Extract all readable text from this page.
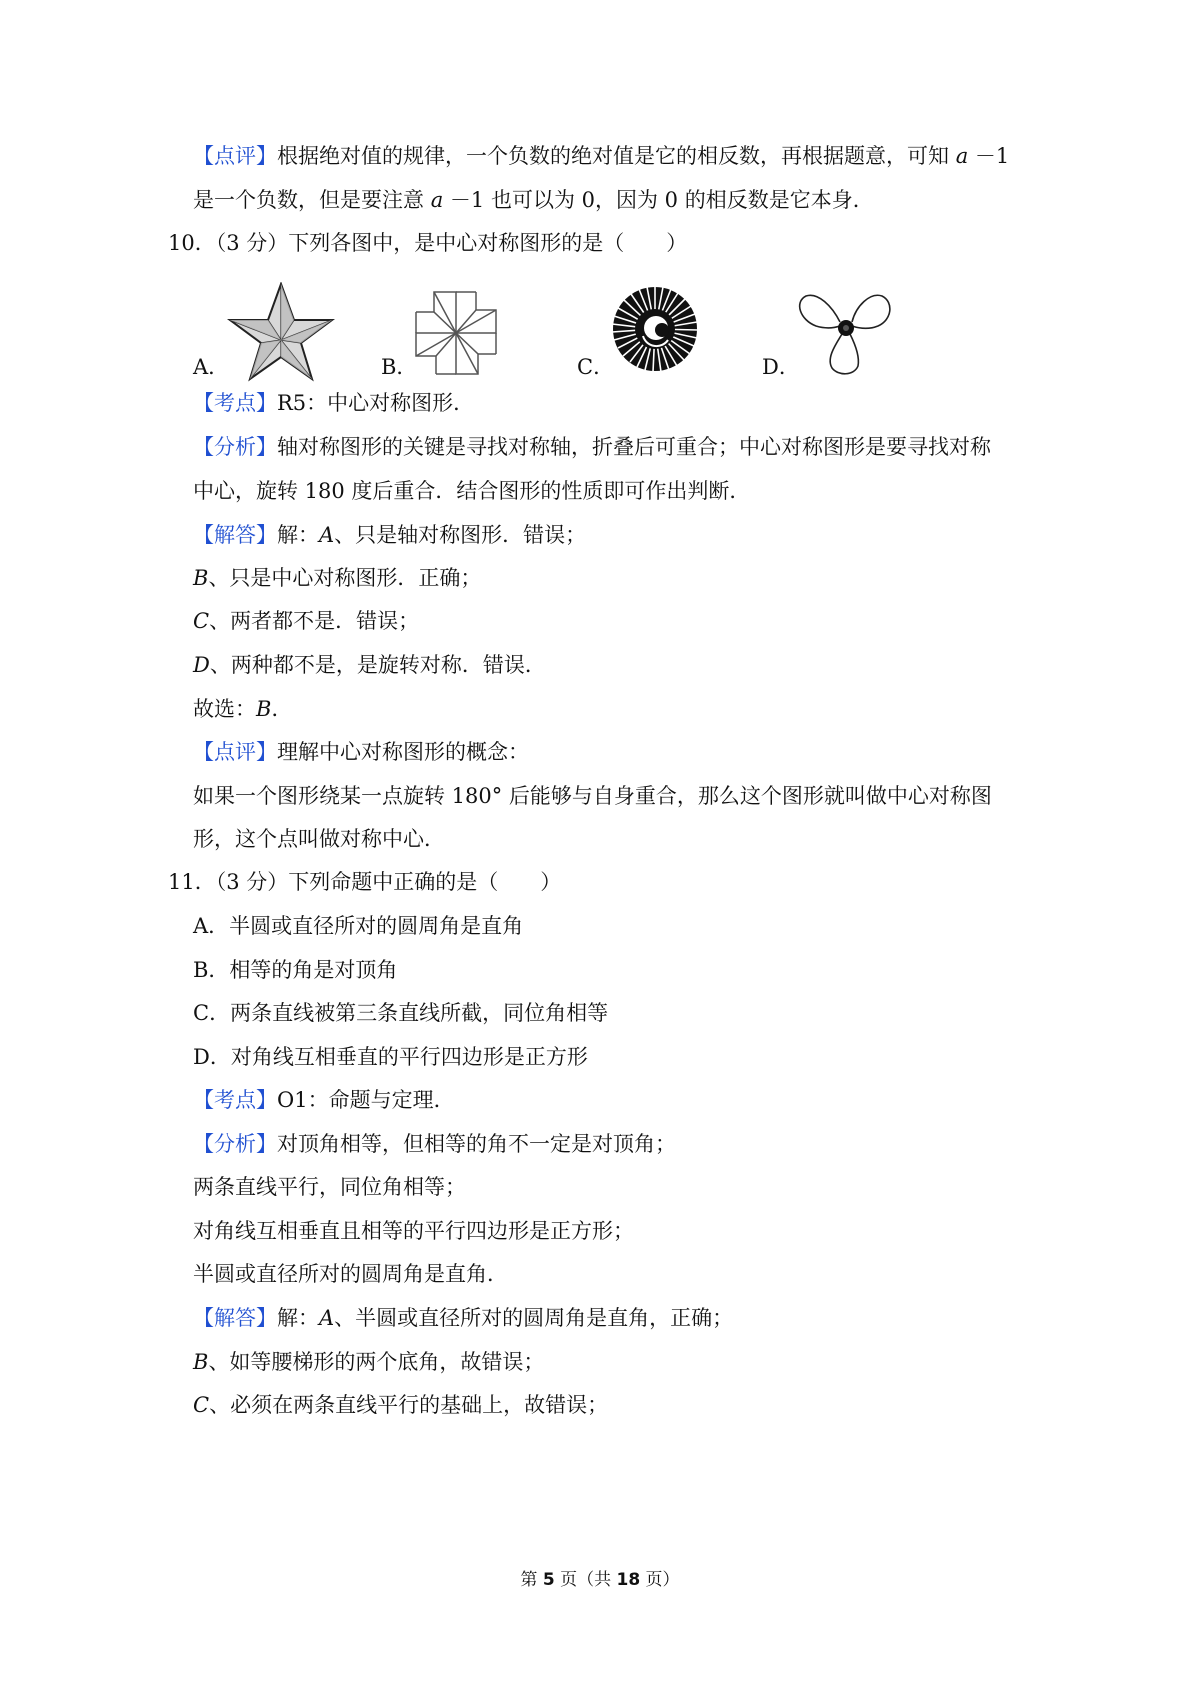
【点评】根据绝对值的规律，一个负数的绝对值是它的相反数，再根据题意，可知 a －1
是一个负数，但是要注意 a －1 也可以为 0，因为 0 的相反数是它本身．
10．（3 分）下列各图中，是中心对称图形的是（　　）
A．	B．	C．	D．
【考点】R5：中心对称图形．
【分析】轴对称图形的关键是寻找对称轴，折叠后可重合；中心对称图形是要寻找对称
中心，旋转 180 度后重合．结合图形的性质即可作出判断．
【解答】解：A、只是轴对称图形．错误；
B、只是中心对称图形．正确；
C、两者都不是．错误；
D、两种都不是，是旋转对称．错误．
故选：B．
【点评】理解中心对称图形的概念：
如果一个图形绕某一点旋转 180° 后能够与自身重合，那么这个图形就叫做中心对称图
形，这个点叫做对称中心．
11．（3 分）下列命题中正确的是（　　）
A．半圆或直径所对的圆周角是直角
B．相等的角是对顶角
C．两条直线被第三条直线所截，同位角相等
D．对角线互相垂直的平行四边形是正方形
【考点】O1：命题与定理．
【分析】对顶角相等，但相等的角不一定是对顶角；
两条直线平行，同位角相等；
对角线互相垂直且相等的平行四边形是正方形；
半圆或直径所对的圆周角是直角．
【解答】解：A、半圆或直径所对的圆周角是直角，正确；
B、如等腰梯形的两个底角，故错误；
C、必须在两条直线平行的基础上，故错误；
第 5 页（共 18 页）
